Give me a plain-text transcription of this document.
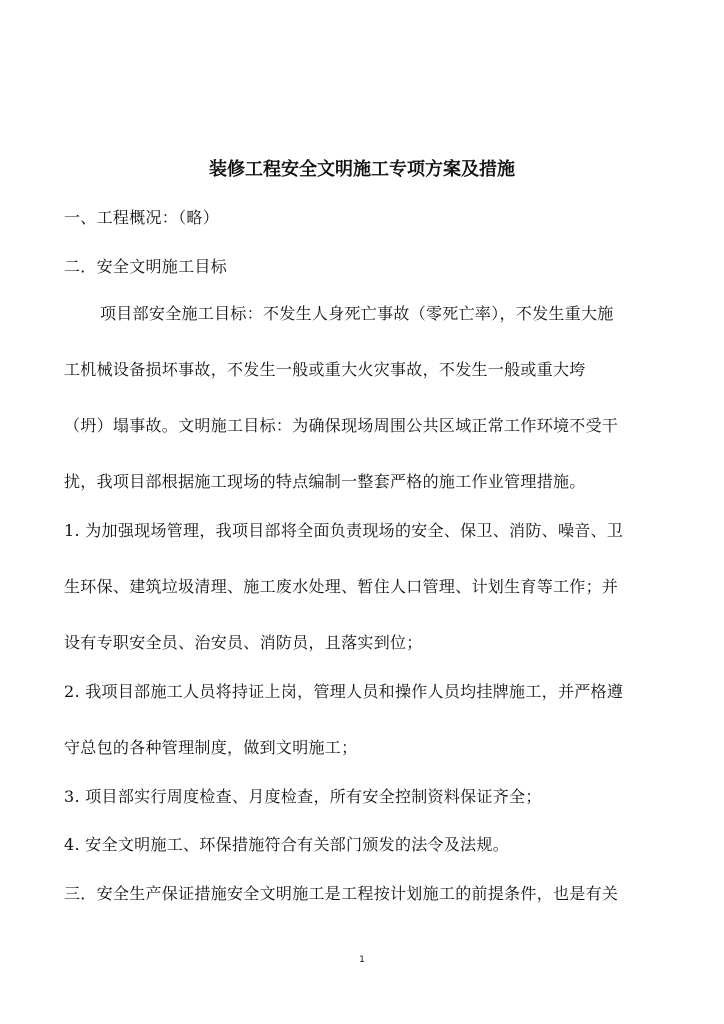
装修工程安全文明施工专项方案及措施
一、工程概况：（略）
二．安全文明施工目标
项目部安全施工目标：不发生人身死亡事故（零死亡率），不发生重大施
工机械设备损坏事故，不发生一般或重大火灾事故，不发生一般或重大垮
（坍）塌事故。文明施工目标：为确保现场周围公共区域正常工作环境不受干
扰，我项目部根据施工现场的特点编制一整套严格的施工作业管理措施。
1. 为加强现场管理，我项目部将全面负责现场的安全、保卫、消防、噪音、卫
生环保、建筑垃圾清理、施工废水处理、暂住人口管理、计划生育等工作；并
设有专职安全员、治安员、消防员，且落实到位；
2. 我项目部施工人员将持证上岗，管理人员和操作人员均挂牌施工，并严格遵
守总包的各种管理制度，做到文明施工；
3. 项目部实行周度检查、月度检查，所有安全控制资料保证齐全；
4. 安全文明施工、环保措施符合有关部门颁发的法令及法规。
三．安全生产保证措施安全文明施工是工程按计划施工的前提条件，也是有关
1
